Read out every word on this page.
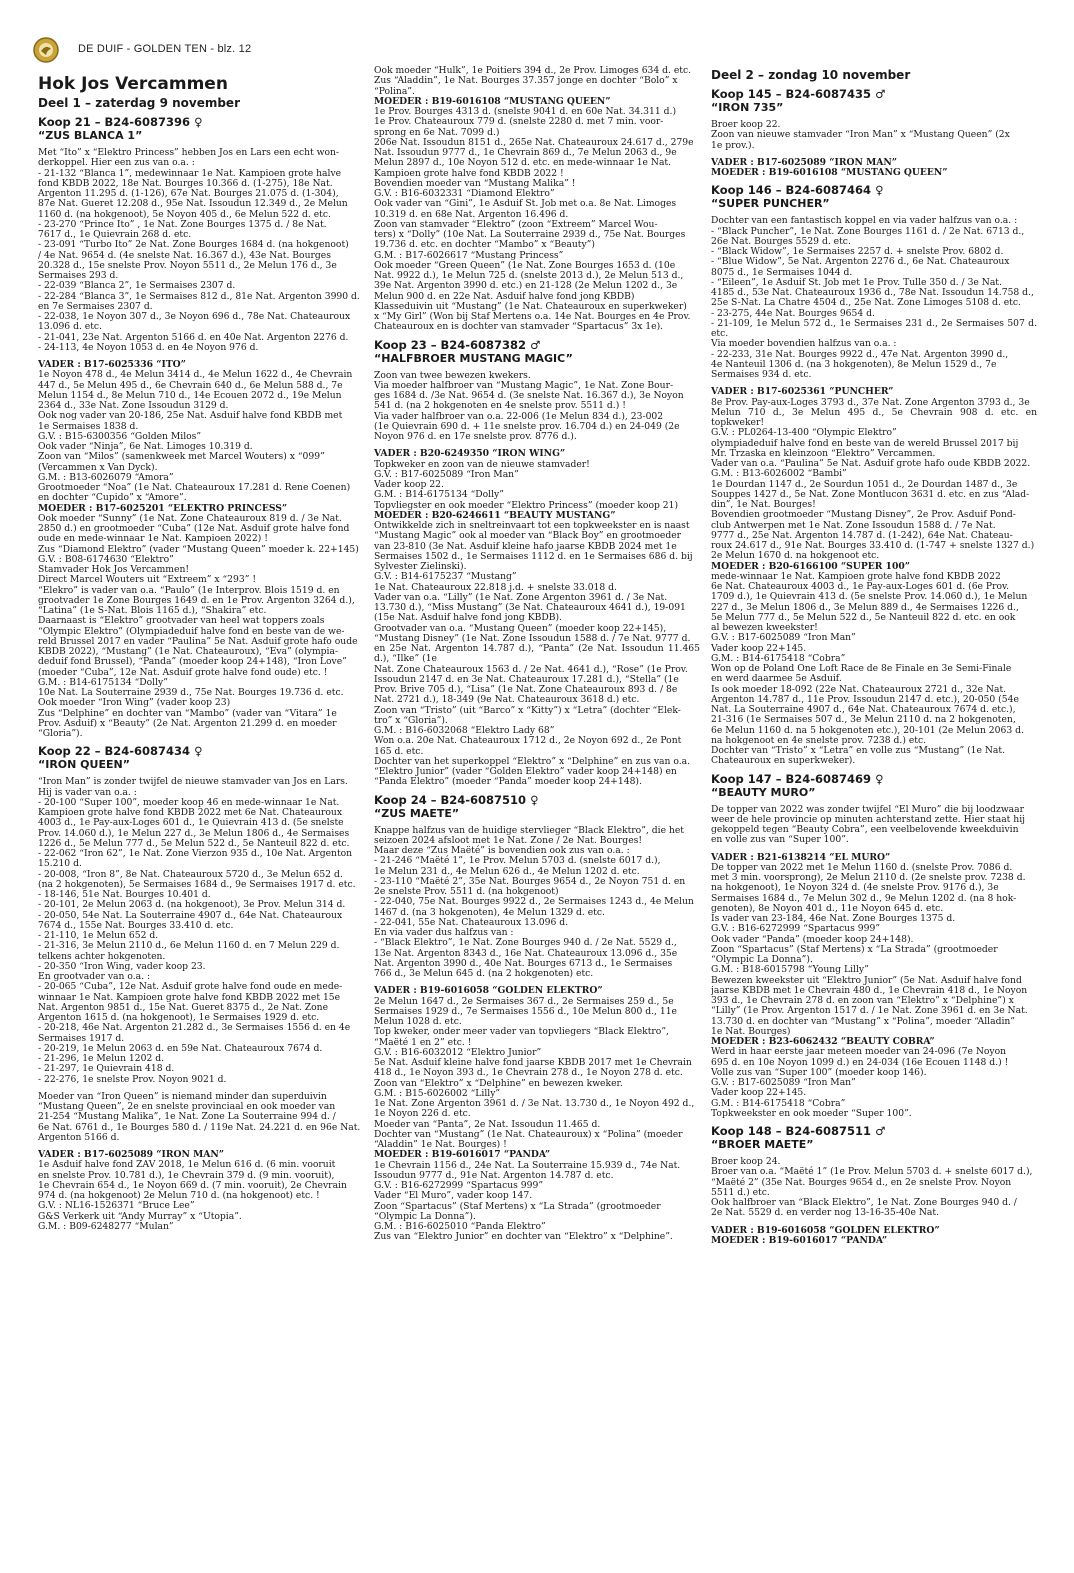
DE DUIF - GOLDEN TEN - blz. 12
Hok Jos Vercammen
Deel 1 – zaterdag 9 november
Koop 21 – B24-6087396 ♀
“ZUS BLANCA 1”

Met “Ito” x “Elektro Princess” hebben Jos en Lars een echt won-

derkoppel. Hier een zus van o.a. :

- 21-132 “Blanca 1”, medewinnaar 1e Nat. Kampioen grote halve

fond KBDB 2022, 18e Nat. Bourges 10.366 d. (1-275), 18e Nat.

Argenton 11.295 d. (1-126), 67e Nat. Bourges 21.075 d. (1-304),

87e Nat. Gueret 12.208 d., 95e Nat. Issoudun 12.349 d., 2e Melun

1160 d. (na hokgenoot), 5e Noyon 405 d., 6e Melun 522 d. etc.

- 23-270 “Prince Ito” , 1e Nat. Zone Bourges 1375 d. / 8e Nat.

7617 d., 1e Quievrain 268 d. etc.

- 23-091 “Turbo Ito” 2e Nat. Zone Bourges 1684 d. (na hokgenoot)

/ 4e Nat. 9654 d. (4e snelste Nat. 16.367 d.), 43e Nat. Bourges

20.328 d., 15e snelste Prov. Noyon 5511 d., 2e Melun 176 d., 3e

Sermaises 293 d.

- 22-039 “Blanca 2”, 1e Sermaises 2307 d.

- 22-284 “Blanca 3”, 1e Sermaises 812 d., 81e Nat. Argenton 3990 d.

en 7e Sermaises 2307 d.

- 22-038, 1e Noyon 307 d., 3e Noyon 696 d., 78e Nat. Chateauroux

13.096 d. etc.

- 21-041, 23e Nat. Argenton 5166 d. en 40e Nat. Argenton 2276 d.

- 24-113, 4e Noyon 1053 d. en 4e Noyon 976 d.

VADER : B17-6025336 “ITO”

1e Noyon 478 d., 4e Melun 3414 d., 4e Melun 1622 d., 4e Chevrain

447 d., 5e Melun 495 d., 6e Chevrain 640 d., 6e Melun 588 d., 7e

Melun 1154 d., 8e Melun 710 d., 14e Ecouen 2072 d., 19e Melun

2364 d., 33e Nat. Zone Issoudun 3129 d.

Ook nog vader van 20-186, 25e Nat. Asduif halve fond KBDB met

1e Sermaises 1838 d.

G.V. : B15-6300356 “Golden Milos”

Ook vader “Ninja”, 6e Nat. Limoges 10.319 d.

Zoon van “Milos” (samenkweek met Marcel Wouters) x “099”

(Vercammen x Van Dyck).

G.M. : B13-6026079 “Amora”

Grootmoeder “Noa” (1e Nat. Chateauroux 17.281 d. Rene Coenen)

en dochter “Cupido” x “Amore”.

MOEDER : B17-6025201 “ELEKTRO PRINCESS”

Ook moeder “Sunny” (1e Nat. Zone Chateauroux 819 d. / 3e Nat.

2850 d.) en grootmoeder “Cuba” (12e Nat. Asduif grote halve fond

oude en mede-winnaar 1e Nat. Kampioen 2022) !

Zus “Diamond Elektro” (vader “Mustang Queen” moeder k. 22+145)

G.V. : B08-6174630 “Elektro”

Stamvader Hok Jos Vercammen!

Direct Marcel Wouters uit “Extreem” x “293” !

“Elekro” is vader van o.a. “Paulo” (1e Interprov. Blois 1519 d. en

grootvader 1e Zone Bourges 1649 d. en 1e Prov. Argenton 3264 d.),

“Latina” (1e S-Nat. Blois 1165 d.), “Shakira” etc.

Daarnaast is “Elektro” grootvader van heel wat toppers zoals

“Olympic Elektro” (Olympiadeduif halve fond en beste van de we-

reld Brussel 2017 en vader “Paulina” 5e Nat. Asduif grote hafo oude

KBDB 2022), “Mustang” (1e Nat. Chateauroux), “Eva” (olympia-

deduif fond Brussel), “Panda” (moeder koop 24+148), “Iron Love”

(moeder “Cuba”, 12e Nat. Asduif grote halve fond oude) etc. !

G.M. : B14-6175134 “Dolly”

10e Nat. La Souterraine 2939 d., 75e Nat. Bourges 19.736 d. etc.

Ook moeder “Iron Wing” (vader koop 23)

Zus “Delphine” en dochter van “Mambo” (vader van “Vitara” 1e

Prov. Asduif) x “Beauty” (2e Nat. Argenton 21.299 d. en moeder

“Gloria”).

Koop 22 – B24-6087434 ♀
“IRON QUEEN”

“Iron Man” is zonder twijfel de nieuwe stamvader van Jos en Lars.

Hij is vader van o.a. :

- 20-100 “Super 100”, moeder koop 46 en mede-winnaar 1e Nat.

Kampioen grote halve fond KBDB 2022 met 6e Nat. Chateauroux

4003 d., 1e Pay-aux-Loges 601 d., 1e Quievrain 413 d. (5e snelste

Prov. 14.060 d.), 1e Melun 227 d., 3e Melun 1806 d., 4e Sermaises

1226 d., 5e Melun 777 d., 5e Melun 522 d., 5e Nanteuil 822 d. etc.

- 22-062 “Iron 62”, 1e Nat. Zone Vierzon 935 d., 10e Nat. Argenton

15.210 d.

- 20-008, “Iron 8”, 8e Nat. Chateauroux 5720 d., 3e Melun 652 d.

(na 2 hokgenoten), 5e Sermaises 1684 d., 9e Sermaises 1917 d. etc.

- 18-146, 51e Nat. Bourges 10.401 d.

- 20-101, 2e Melun 2063 d. (na hokgenoot), 3e Prov. Melun 314 d.

- 20-050, 54e Nat. La Souterraine 4907 d., 64e Nat. Chateauroux

7674 d., 155e Nat. Bourges 33.410 d. etc.

- 21-110, 1e Melun 652 d.

- 21-316, 3e Melun 2110 d., 6e Melun 1160 d. en 7 Melun 229 d.

telkens achter hokgenoten.

- 20-350 “Iron Wing, vader koop 23.

En grootvader van o.a. :

- 20-065 “Cuba”, 12e Nat. Asduif grote halve fond oude en mede-

winnaar 1e Nat. Kampioen grote halve fond KBDB 2022 met 15e

Nat. Argenton 9851 d., 15e Nat. Gueret 8375 d., 2e Nat. Zone

Argenton 1615 d. (na hokgenoot), 1e Sermaises 1929 d. etc.

- 20-218, 46e Nat. Argenton 21.282 d., 3e Sermaises 1556 d. en 4e

Sermaises 1917 d.

- 20-219, 1e Melun 2063 d. en 59e Nat. Chateauroux 7674 d.

- 21-296, 1e Melun 1202 d.

- 21-297, 1e Quievrain 418 d.

- 22-276, 1e snelste Prov. Noyon 9021 d.

Moeder van “Iron Queen” is niemand minder dan superduivin

“Mustang Queen”, 2e en snelste provinciaal en ook moeder van

21-254 “Mustang Malika”, 1e Nat. Zone La Souterraine 994 d. /

6e Nat. 6761 d., 1e Bourges 580 d. / 119e Nat. 24.221 d. en 96e Nat.

Argenton 5166 d.

VADER : B17-6025089 “IRON MAN”

1e Asduif halve fond ZAV 2018, 1e Melun 616 d. (6 min. vooruit

en snelste Prov. 10.781 d.), 1e Chevrain 379 d. (9 min. vooruit),

1e Chevrain 654 d., 1e Noyon 669 d. (7 min. vooruit), 2e Chevrain

974 d. (na hokgenoot) 2e Melun 710 d. (na hokgenoot) etc. !

G.V. : NL16-1526371 “Bruce Lee”

G&S Verkerk uit “Andy Murray” x “Utopia”.

G.M. : B09-6248277 “Mulan”

Ook moeder “Hulk”, 1e Poitiers 394 d., 2e Prov. Limoges 634 d. etc.

Zus “Aladdin”, 1e Nat. Bourges 37.357 jonge en dochter “Bolo” x

“Polina”.

MOEDER : B19-6016108 “MUSTANG QUEEN”

1e Prov. Bourges 4313 d. (snelste 9041 d. en 60e Nat. 34.311 d.)

1e Prov. Chateauroux 779 d. (snelste 2280 d. met 7 min. voor-

sprong en 6e Nat. 7099 d.)

206e Nat. Issoudun 8151 d., 265e Nat. Chateauroux 24.617 d., 279e

Nat. Issoudun 9777 d., 1e Chevrain 869 d., 7e Melun 2063 d., 9e

Melun 2897 d., 10e Noyon 512 d. etc. en mede-winnaar 1e Nat.

Kampioen grote halve fond KBDB 2022 !

Bovendien moeder van “Mustang Malika” !

G.V. : B16-6032331 “Diamond Elektro”

Ook vader van “Gini”, 1e Asduif St. Job met o.a. 8e Nat. Limoges

10.319 d. en 68e Nat. Argenton 16.496 d.

Zoon van stamvader “Elektro” (zoon “Extreem” Marcel Wou-

ters) x “Dolly” (10e Nat. La Souterraine 2939 d., 75e Nat. Bourges

19.736 d. etc. en dochter “Mambo” x “Beauty”)

G.M. : B17-6026617 “Mustang Princess”

Ook moeder “Green Queen” (1e Nat. Zone Bourges 1653 d. (10e

Nat. 9922 d.), 1e Melun 725 d. (snelste 2013 d.), 2e Melun 513 d.,

39e Nat. Argenton 3990 d. etc.) en 21-128 (2e Melun 1202 d., 3e

Melun 900 d. en 22e Nat. Asduif halve fond jong KBDB)

Klasseduivin uit “Mustang” (1e Nat. Chateauroux en superkweker)

x “My Girl” (Won bij Staf Mertens o.a. 14e Nat. Bourges en 4e Prov.

Chateauroux en is dochter van stamvader “Spartacus” 3x 1e).

Koop 23 – B24-6087382 ♂
“HALFBROER MUSTANG MAGIC”

Zoon van twee bewezen kwekers.

Via moeder halfbroer van “Mustang Magic”, 1e Nat. Zone Bour-

ges 1684 d. /3e Nat. 9654 d. (3e snelste Nat. 16.367 d.), 3e Noyon

541 d. (na 2 hokgenoten en 4e snelste prov. 5511 d.) !

Via vader halfbroer van o.a. 22-006 (1e Melun 834 d.), 23-002

(1e Quievrain 690 d. + 11e snelste prov. 16.704 d.) en 24-049 (2e

Noyon 976 d. en 17e snelste prov. 8776 d.).

VADER : B20-6249350 “IRON WING”

Topkweker en zoon van de nieuwe stamvader!

G.V. : B17-6025089 “Iron Man”

Vader koop 22.

G.M. : B14-6175134 “Dolly”

Topvliegster en ook moeder “Elektro Princess” (moeder koop 21)

MOEDER : B20-6246611 “BEAUTY MUSTANG”

Ontwikkelde zich in sneltreinvaart tot een topkweekster en is naast

“Mustang Magic” ook al moeder van “Black Boy” en grootmoeder

van 23-810 (3e Nat. Asduif kleine hafo jaarse KBDB 2024 met 1e

Sermaises 1502 d., 1e Sermaises 1112 d. en 1e Sermaises 686 d. bij

Sylvester Zielinski).

G.V. : B14-6175237 “Mustang”

1e Nat. Chateauroux 22.818 j.d. + snelste 33.018 d.

Vader van o.a. “Lilly” (1e Nat. Zone Argenton 3961 d. / 3e Nat.

13.730 d.), “Miss Mustang” (3e Nat. Chateauroux 4641 d.), 19-091

(15e Nat. Asduif halve fond jong KBDB).

Grootvader van o.a. “Mustang Queen” (moeder koop 22+145),

“Mustang Disney” (1e Nat. Zone Issoudun 1588 d. / 7e Nat. 9777 d.

en 25e Nat. Argenton 14.787 d.), “Panta” (2e Nat. Issoudun 11.465 d.), “Ilke” (1e

Nat. Zone Chateauroux 1563 d. / 2e Nat. 4641 d.), “Rose” (1e Prov.

Issoudun 2147 d. en 3e Nat. Chateauroux 17.281 d.), “Stella” (1e

Prov. Brive 705 d.), “Lisa” (1e Nat. Zone Chateauroux 893 d. / 8e

Nat. 2721 d.), 18-349 (9e Nat. Chateauroux 3618 d.) etc.

Zoon van “Tristo” (uit “Barco” x “Kitty”) x “Letra” (dochter “Elek-

tro” x “Gloria”).

G.M. : B16-6032068 “Elektro Lady 68”

Won o.a. 20e Nat. Chateauroux 1712 d., 2e Noyon 692 d., 2e Pont

165 d. etc.

Dochter van het superkoppel “Elektro” x “Delphine” en zus van o.a.

“Elektro Junior” (vader “Golden Elektro” vader koop 24+148) en

“Panda Elektro” (moeder “Panda” moeder koop 24+148).

Koop 24 – B24-6087510 ♀
“ZUS MAETE”

Knappe halfzus van de huidige stervlieger “Black Elektro”, die het

seizoen 2024 afsloot met 1e Nat. Zone / 2e Nat. Bourges!

Maar deze “Zus Maëté” is bovendien ook zus van o.a. :

- 21-246 “Maëté 1”, 1e Prov. Melun 5703 d. (snelste 6017 d.),

1e Melun 231 d., 4e Melun 626 d., 4e Melun 1202 d. etc.

- 23-110 “Maëté 2”, 35e Nat. Bourges 9654 d., 2e Noyon 751 d. en

2e snelste Prov. 5511 d. (na hokgenoot)

- 22-040, 75e Nat. Bourges 9922 d., 2e Sermaises 1243 d., 4e Melun

1467 d. (na 3 hokgenoten), 4e Melun 1329 d. etc.

- 22-041, 55e Nat. Chateauroux 13.096 d.

En via vader dus halfzus van :

- “Black Elektro”, 1e Nat. Zone Bourges 940 d. / 2e Nat. 5529 d.,

13e Nat. Argenton 8343 d., 16e Nat. Chateauroux 13.096 d., 35e

Nat. Argenton 3990 d., 40e Nat. Bourges 6713 d., 1e Sermaises

766 d., 3e Melun 645 d. (na 2 hokgenoten) etc.

VADER : B19-6016058 “GOLDEN ELEKTRO”

2e Melun 1647 d., 2e Sermaises 367 d., 2e Sermaises 259 d., 5e

Sermaises 1929 d., 7e Sermaises 1556 d., 10e Melun 800 d., 11e

Melun 1028 d. etc.

Top kweker, onder meer vader van topvliegers “Black Elektro”,

“Maëté 1 en 2” etc. !

G.V. : B16-6032012 “Elektro Junior”

5e Nat. Asduif kleine halve fond jaarse KBDB 2017 met 1e Chevrain

418 d., 1e Noyon 393 d., 1e Chevrain 278 d., 1e Noyon 278 d. etc.

Zoon van “Elektro” x “Delphine” en bewezen kweker.

G.M. : B15-6026002 “Lilly”

1e Nat. Zone Argenton 3961 d. / 3e Nat. 13.730 d., 1e Noyon 492 d.,

1e Noyon 226 d. etc.

Moeder van “Panta”, 2e Nat. Issoudun 11.465 d.

Dochter van “Mustang” (1e Nat. Chateauroux) x “Polina” (moeder

“Aladdin” 1e Nat. Bourges) !

MOEDER : B19-6016017 “PANDA”

1e Chevrain 1156 d., 24e Nat. La Souterraine 15.939 d., 74e Nat.

Issoudun 9777 d., 91e Nat. Argenton 14.787 d. etc.

G.V. : B16-6272999 “Spartacus 999”

Vader “El Muro”, vader koop 147.

Zoon “Spartacus” (Staf Mertens) x “La Strada” (grootmoeder

“Olympic La Donna”).

G.M. : B16-6025010 “Panda Elektro”

Zus van “Elektro Junior” en dochter van “Elektro” x “Delphine”.

Deel 2 – zondag 10 november
Koop 145 – B24-6087435 ♂
“IRON 735”

Broer koop 22.

Zoon van nieuwe stamvader “Iron Man” x “Mustang Queen” (2x

1e prov.).

VADER : B17-6025089 “IRON MAN”

MOEDER : B19-6016108 “MUSTANG QUEEN”

Koop 146 – B24-6087464 ♀
“SUPER PUNCHER”

Dochter van een fantastisch koppel en via vader halfzus van o.a. :

- “Black Puncher”, 1e Nat. Zone Bourges 1161 d. / 2e Nat. 6713 d.,

26e Nat. Bourges 5529 d. etc.

- “Black Widow”, 1e Sermaises 2257 d. + snelste Prov. 6802 d.

- “Blue Widow”, 5e Nat. Argenton 2276 d., 6e Nat. Chateauroux

8075 d., 1e Sermaises 1044 d.

- “Eileen”, 1e Asduif St. Job met 1e Prov. Tulle 350 d. / 3e Nat.

4185 d., 53e Nat. Chateauroux 1936 d., 78e Nat. Issoudun 14.758 d.,

25e S-Nat. La Chatre 4504 d., 25e Nat. Zone Limoges 5108 d. etc.

- 23-275, 44e Nat. Bourges 9654 d.

- 21-109, 1e Melun 572 d., 1e Sermaises 231 d., 2e Sermaises 507 d. etc.

Via moeder bovendien halfzus van o.a. :

- 22-233, 31e Nat. Bourges 9922 d., 47e Nat. Argenton 3990 d.,

4e Nanteuil 1306 d. (na 3 hokgenoten), 8e Melun 1529 d., 7e

Sermaises 934 d. etc.

VADER : B17-6025361 “PUNCHER”

8e Prov. Pay-aux-Loges 3793 d., 37e Nat. Zone Argenton 3793 d., 3e

Melun 710 d., 3e Melun 495 d., 5e Chevrain 908 d. etc. en topkweker!

G.V. : PL0264-13-400 “Olympic Elektro”

olympiadeduif halve fond en beste van de wereld Brussel 2017 bij

Mr. Trzaska en kleinzoon “Elektro” Vercammen.

Vader van o.a. “Paulina” 5e Nat. Asduif grote hafo oude KBDB 2022.

G.M. : B13-6026002 “Bambi”

1e Dourdan 1147 d., 2e Sourdun 1051 d., 2e Dourdan 1487 d., 3e

Souppes 1427 d., 5e Nat. Zone Montlucon 3631 d. etc. en zus “Alad-

din”, 1e Nat. Bourges!

Bovendien grootmoeder “Mustang Disney”, 2e Prov. Asduif Pond-

club Antwerpen met 1e Nat. Zone Issoudun 1588 d. / 7e Nat.

9777 d., 25e Nat. Argenton 14.787 d. (1-242), 64e Nat. Chateau-

roux 24.617 d., 91e Nat. Bourges 33.410 d. (1-747 + snelste 1327 d.)

2e Melun 1670 d. na hokgenoot etc.

MOEDER : B20-6166100 “SUPER 100”

mede-winnaar 1e Nat. Kampioen grote halve fond KBDB 2022

6e Nat. Chateauroux 4003 d., 1e Pay-aux-Loges 601 d. (6e Prov.

1709 d.), 1e Quievrain 413 d. (5e snelste Prov. 14.060 d.), 1e Melun

227 d., 3e Melun 1806 d., 3e Melun 889 d., 4e Sermaises 1226 d.,

5e Melun 777 d., 5e Melun 522 d., 5e Nanteuil 822 d. etc. en ook

al bewezen kweekster!

G.V. : B17-6025089 “Iron Man”

Vader koop 22+145.

G.M. : B14-6175418 “Cobra”

Won op de Poland One Loft Race de 8e Finale en 3e Semi-Finale

en werd daarmee 5e Asduif.

Is ook moeder 18-092 (22e Nat. Chateauroux 2721 d., 32e Nat.

Argenton 14.787 d., 11e Prov. Issoudun 2147 d. etc.), 20-050 (54e

Nat. La Souterraine 4907 d., 64e Nat. Chateauroux 7674 d. etc.),

21-316 (1e Sermaises 507 d., 3e Melun 2110 d. na 2 hokgenoten,

6e Melun 1160 d. na 5 hokgenoten etc.), 20-101 (2e Melun 2063 d.

na hokgenoot en 4e snelste prov. 7238 d.) etc.

Dochter van “Tristo” x “Letra” en volle zus “Mustang” (1e Nat.

Chateauroux en superkweker).

Koop 147 – B24-6087469 ♀
“BEAUTY MURO”

De topper van 2022 was zonder twijfel “El Muro” die bij loodzwaar

weer de hele provincie op minuten achterstand zette. Hier staat hij

gekoppeld tegen “Beauty Cobra”, een veelbelovende kweekduivin

en volle zus van “Super 100”.

VADER : B21-6138214 “EL MURO”

De topper van 2022 met 1e Melun 1160 d. (snelste Prov. 7086 d.

met 3 min. voorsprong), 2e Melun 2110 d. (2e snelste prov. 7238 d.

na hokgenoot), 1e Noyon 324 d. (4e snelste Prov. 9176 d.), 3e

Sermaises 1684 d., 7e Melun 302 d., 9e Melun 1202 d. (na 8 hok-

genoten), 8e Noyon 401 d., 11e Noyon 645 d. etc.

Is vader van 23-184, 46e Nat. Zone Bourges 1375 d.

G.V. : B16-6272999 “Spartacus 999”

Ook vader “Panda” (moeder koop 24+148).

Zoon “Spartacus” (Staf Mertens) x “La Strada” (grootmoeder

“Olympic La Donna”).

G.M. : B18-6015798 “Young Lilly”

Bewezen kweekster uit “Elektro Junior” (5e Nat. Asduif halve fond

jaarse KBDB met 1e Chevrain 480 d., 1e Chevrain 418 d., 1e Noyon

393 d., 1e Chevrain 278 d. en zoon van “Elektro” x “Delphine”) x

“Lilly” (1e Prov. Argenton 1517 d. / 1e Nat. Zone 3961 d. en 3e Nat.

13.730 d. en dochter van “Mustang” x “Polina”, moeder “Alladin”

1e Nat. Bourges)

MOEDER : B23-6062432 “BEAUTY COBRA”

Werd in haar eerste jaar meteen moeder van 24-096 (7e Noyon

695 d. en 10e Noyon 1099 d.) en 24-034 (16e Ecouen 1148 d.) !

Volle zus van “Super 100” (moeder koop 146).

G.V. : B17-6025089 “Iron Man”

Vader koop 22+145.

G.M. : B14-6175418 “Cobra”

Topkweekster en ook moeder “Super 100”.

Koop 148 – B24-6087511 ♂
“BROER MAETE”

Broer koop 24.

Broer van o.a. “Maëté 1” (1e Prov. Melun 5703 d. + snelste 6017 d.),

“Maëté 2” (35e Nat. Bourges 9654 d., en 2e snelste Prov. Noyon

5511 d.) etc.

Ook halfbroer van “Black Elektro”, 1e Nat. Zone Bourges 940 d. /

2e Nat. 5529 d. en verder nog 13-16-35-40e Nat.

VADER : B19-6016058 “GOLDEN ELEKTRO”

MOEDER : B19-6016017 “PANDA”
